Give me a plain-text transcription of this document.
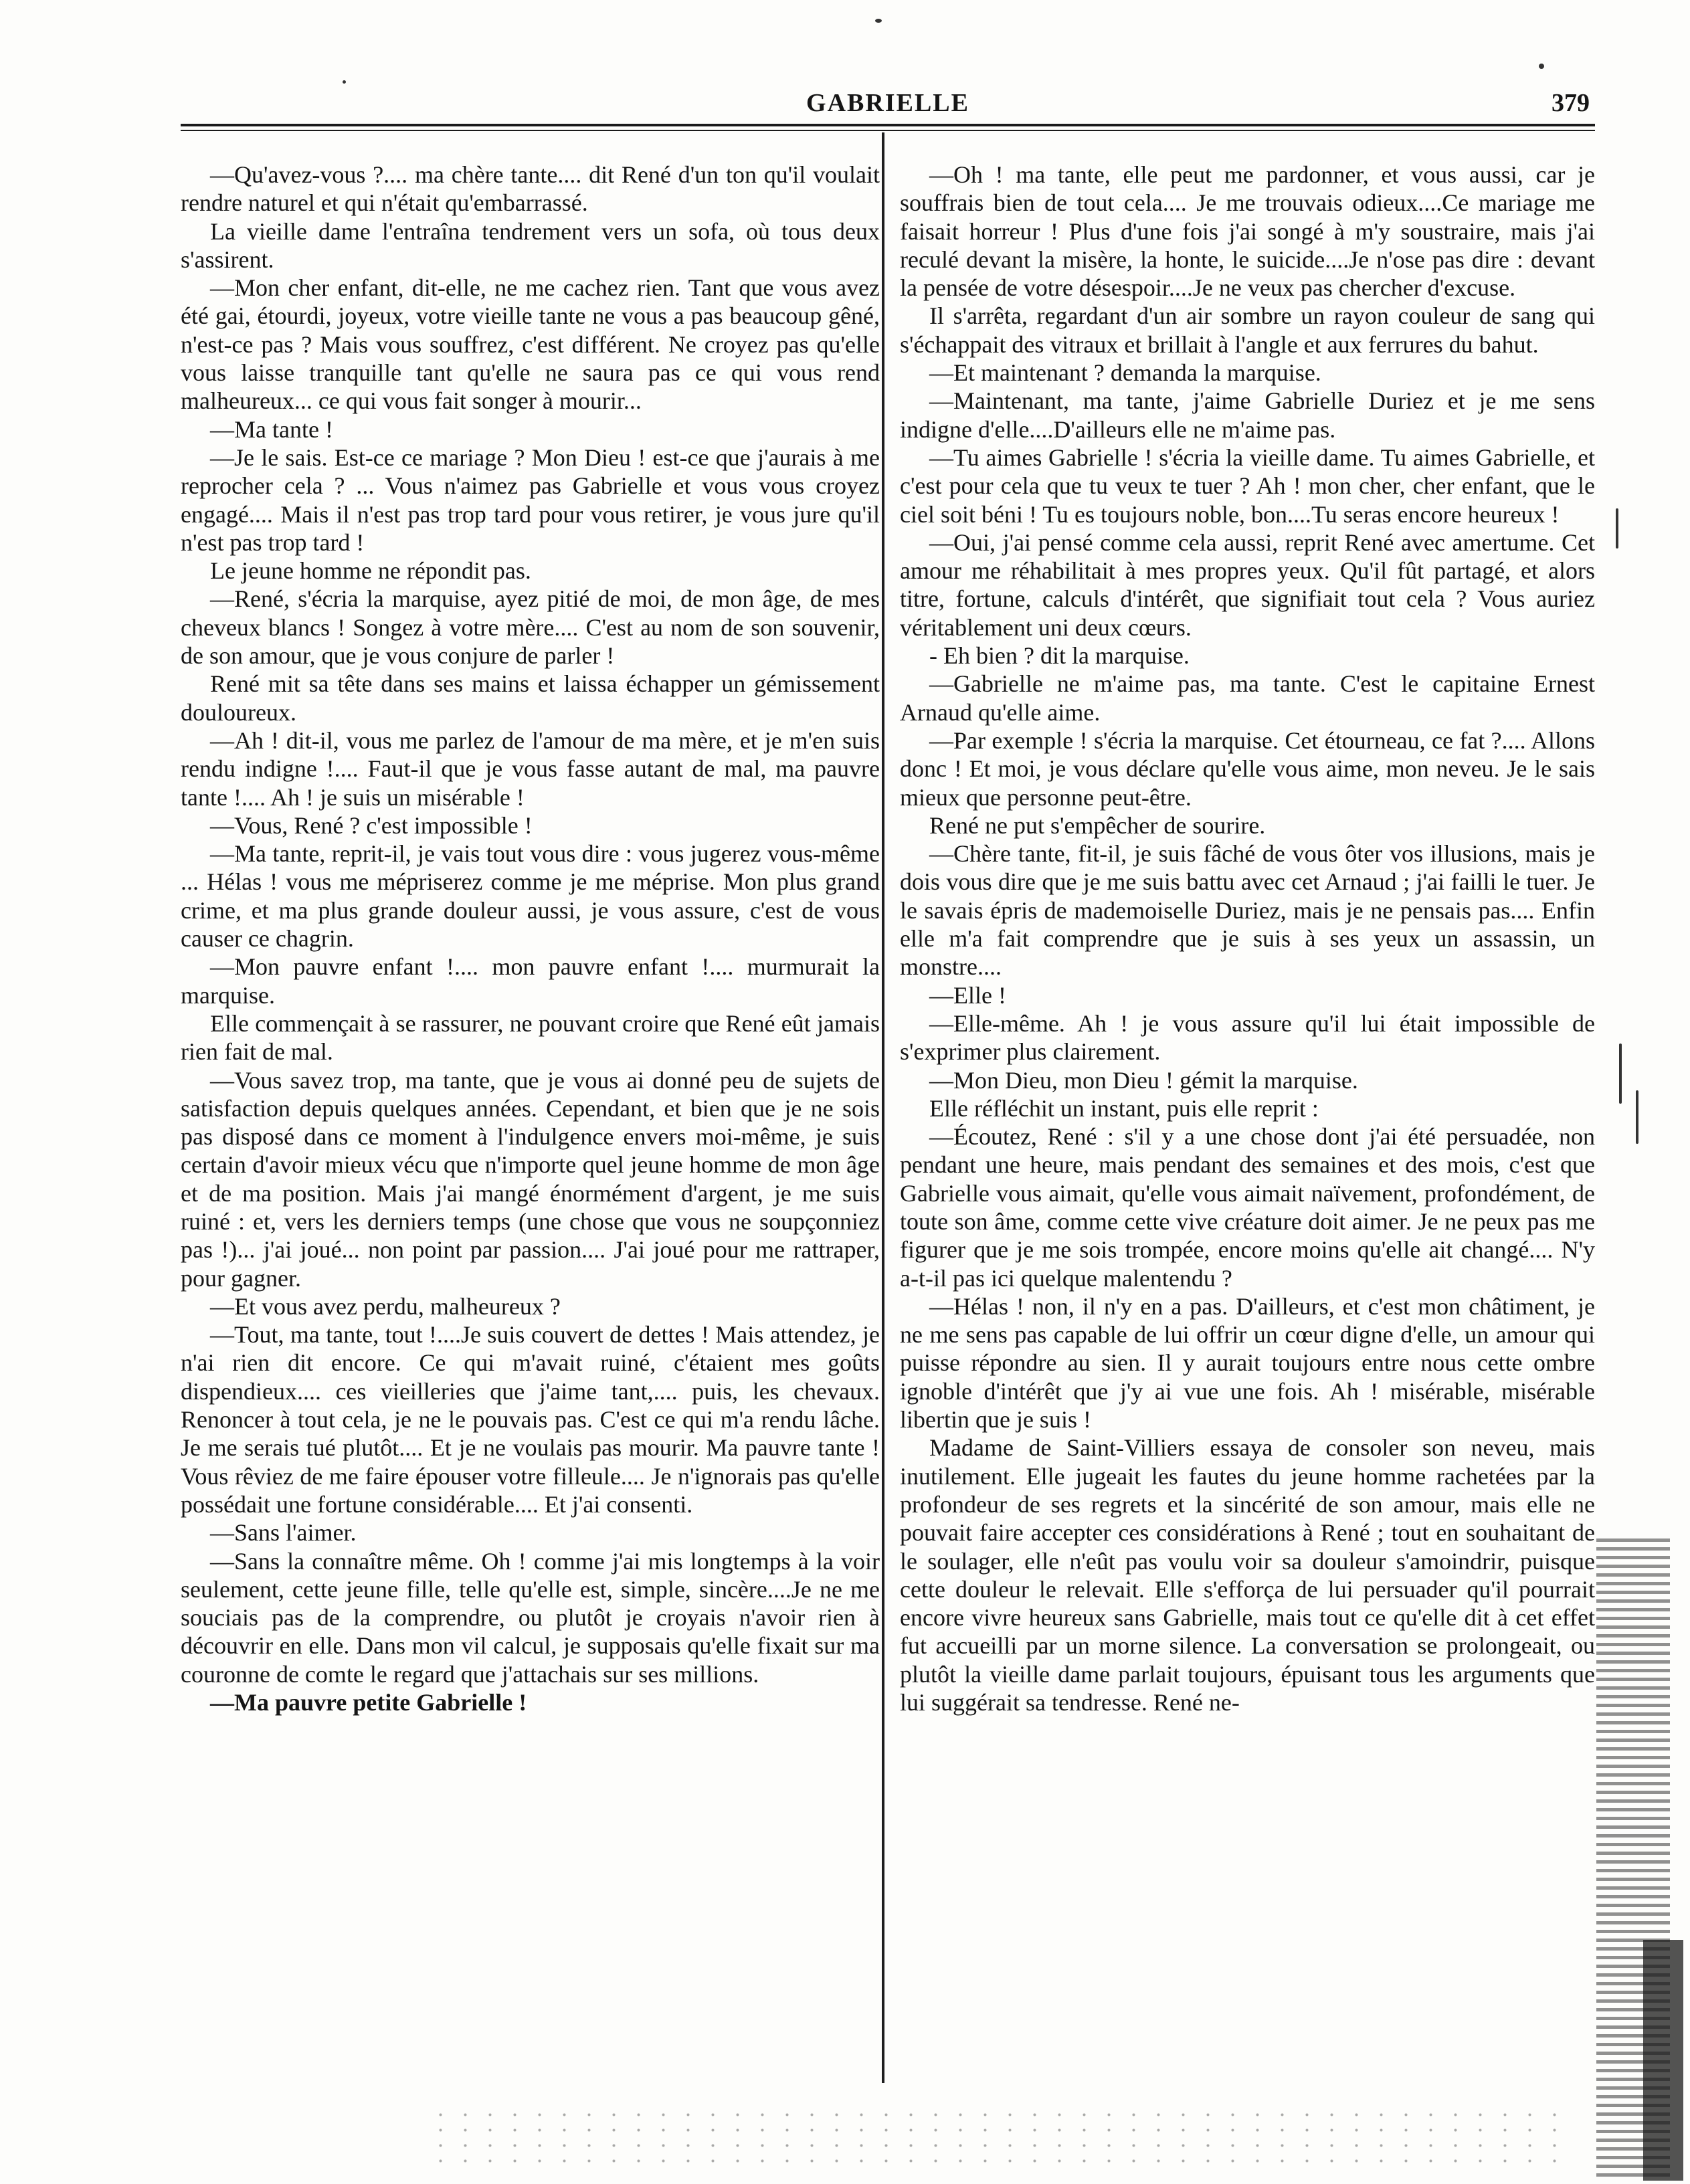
GABRIELLE	379

—Qu'avez-vous ?.... ma chère tante.... dit René d'un ton qu'il voulait rendre naturel et qui n'était qu'embarrassé.

La vieille dame l'entraîna tendrement vers un sofa, où tous deux s'assirent.

—Mon cher enfant, dit-elle, ne me cachez rien. Tant que vous avez été gai, étourdi, joyeux, votre vieille tante ne vous a pas beaucoup gêné, n'est-ce pas ? Mais vous souffrez, c'est différent. Ne croyez pas qu'elle vous laisse tranquille tant qu'elle ne saura pas ce qui vous rend malheureux... ce qui vous fait songer à mourir...

—Ma tante !

—Je le sais. Est-ce ce mariage ? Mon Dieu ! est-ce que j'aurais à me reprocher cela ? ... Vous n'aimez pas Gabrielle et vous vous croyez engagé.... Mais il n'est pas trop tard pour vous retirer, je vous jure qu'il n'est pas trop tard !

Le jeune homme ne répondit pas.

—René, s'écria la marquise, ayez pitié de moi, de mon âge, de mes cheveux blancs ! Songez à votre mère.... C'est au nom de son souvenir, de son amour, que je vous conjure de parler !

René mit sa tête dans ses mains et laissa échapper un gémissement douloureux.

—Ah ! dit-il, vous me parlez de l'amour de ma mère, et je m'en suis rendu indigne !.... Faut-il que je vous fasse autant de mal, ma pauvre tante !.... Ah ! je suis un misérable !

—Vous, René ? c'est impossible !

—Ma tante, reprit-il, je vais tout vous dire : vous jugerez vous-même ... Hélas ! vous me mépriserez comme je me méprise. Mon plus grand crime, et ma plus grande douleur aussi, je vous assure, c'est de vous causer ce chagrin.

—Mon pauvre enfant !.... mon pauvre enfant !.... murmurait la marquise.

Elle commençait à se rassurer, ne pouvant croire que René eût jamais rien fait de mal.

—Vous savez trop, ma tante, que je vous ai donné peu de sujets de satisfaction depuis quelques années. Cependant, et bien que je ne sois pas disposé dans ce moment à l'indulgence envers moi-même, je suis certain d'avoir mieux vécu que n'importe quel jeune homme de mon âge et de ma position. Mais j'ai mangé énormément d'argent, je me suis ruiné : et, vers les derniers temps (une chose que vous ne soupçonniez pas !)... j'ai joué... non point par passion.... J'ai joué pour me rattraper, pour gagner.

—Et vous avez perdu, malheureux ?

—Tout, ma tante, tout !....Je suis couvert de dettes ! Mais attendez, je n'ai rien dit encore. Ce qui m'avait ruiné, c'étaient mes goûts dispendieux.... ces vieilleries que j'aime tant,.... puis, les chevaux. Renoncer à tout cela, je ne le pouvais pas. C'est ce qui m'a rendu lâche. Je me serais tué plutôt.... Et je ne voulais pas mourir. Ma pauvre tante ! Vous rêviez de me faire épouser votre filleule.... Je n'ignorais pas qu'elle possédait une fortune considérable.... Et j'ai consenti.

—Sans l'aimer.

—Sans la connaître même. Oh ! comme j'ai mis longtemps à la voir seulement, cette jeune fille, telle qu'elle est, simple, sincère....Je ne me souciais pas de la comprendre, ou plutôt je croyais n'avoir rien à découvrir en elle. Dans mon vil calcul, je supposais qu'elle fixait sur ma couronne de comte le regard que j'attachais sur ses millions.

—Ma pauvre petite Gabrielle !

—Oh ! ma tante, elle peut me pardonner, et vous aussi, car je souffrais bien de tout cela.... Je me trouvais odieux....Ce mariage me faisait horreur ! Plus d'une fois j'ai songé à m'y soustraire, mais j'ai reculé devant la misère, la honte, le suicide....Je n'ose pas dire : devant la pensée de votre désespoir....Je ne veux pas chercher d'excuse.

Il s'arrêta, regardant d'un air sombre un rayon couleur de sang qui s'échappait des vitraux et brillait à l'angle et aux ferrures du bahut.

—Et maintenant ? demanda la marquise.

—Maintenant, ma tante, j'aime Gabrielle Duriez et je me sens indigne d'elle....D'ailleurs elle ne m'aime pas.

—Tu aimes Gabrielle ! s'écria la vieille dame. Tu aimes Gabrielle, et c'est pour cela que tu veux te tuer ? Ah ! mon cher, cher enfant, que le ciel soit béni ! Tu es toujours noble, bon....Tu seras encore heureux !

—Oui, j'ai pensé comme cela aussi, reprit René avec amertume. Cet amour me réhabilitait à mes propres yeux. Qu'il fût partagé, et alors titre, fortune, calculs d'intérêt, que signifiait tout cela ? Vous auriez véritablement uni deux cœurs.

- Eh bien ? dit la marquise.

—Gabrielle ne m'aime pas, ma tante. C'est le capitaine Ernest Arnaud qu'elle aime.

—Par exemple ! s'écria la marquise. Cet étourneau, ce fat ?.... Allons donc ! Et moi, je vous déclare qu'elle vous aime, mon neveu. Je le sais mieux que personne peut-être.

René ne put s'empêcher de sourire.

—Chère tante, fit-il, je suis fâché de vous ôter vos illusions, mais je dois vous dire que je me suis battu avec cet Arnaud ; j'ai failli le tuer. Je le savais épris de mademoiselle Duriez, mais je ne pensais pas.... Enfin elle m'a fait comprendre que je suis à ses yeux un assassin, un monstre....

—Elle !

—Elle-même. Ah ! je vous assure qu'il lui était impossible de s'exprimer plus clairement.

—Mon Dieu, mon Dieu ! gémit la marquise.

Elle réfléchit un instant, puis elle reprit :

—Écoutez, René : s'il y a une chose dont j'ai été persuadée, non pendant une heure, mais pendant des semaines et des mois, c'est que Gabrielle vous aimait, qu'elle vous aimait naïvement, profondément, de toute son âme, comme cette vive créature doit aimer. Je ne peux pas me figurer que je me sois trompée, encore moins qu'elle ait changé.... N'y a-t-il pas ici quelque malentendu ?

—Hélas ! non, il n'y en a pas. D'ailleurs, et c'est mon châtiment, je ne me sens pas capable de lui offrir un cœur digne d'elle, un amour qui puisse répondre au sien. Il y aurait toujours entre nous cette ombre ignoble d'intérêt que j'y ai vue une fois. Ah ! misérable, misérable libertin que je suis !

Madame de Saint-Villiers essaya de consoler son neveu, mais inutilement. Elle jugeait les fautes du jeune homme rachetées par la profondeur de ses regrets et la sincérité de son amour, mais elle ne pouvait faire accepter ces considérations à René ; tout en souhaitant de le soulager, elle n'eût pas voulu voir sa douleur s'amoindrir, puisque cette douleur le relevait. Elle s'efforça de lui persuader qu'il pourrait encore vivre heureux sans Gabrielle, mais tout ce qu'elle dit à cet effet fut accueilli par un morne silence. La conversation se prolongeait, ou plutôt la vieille dame parlait toujours, épuisant tous les arguments que lui suggérait sa tendresse. René ne-
